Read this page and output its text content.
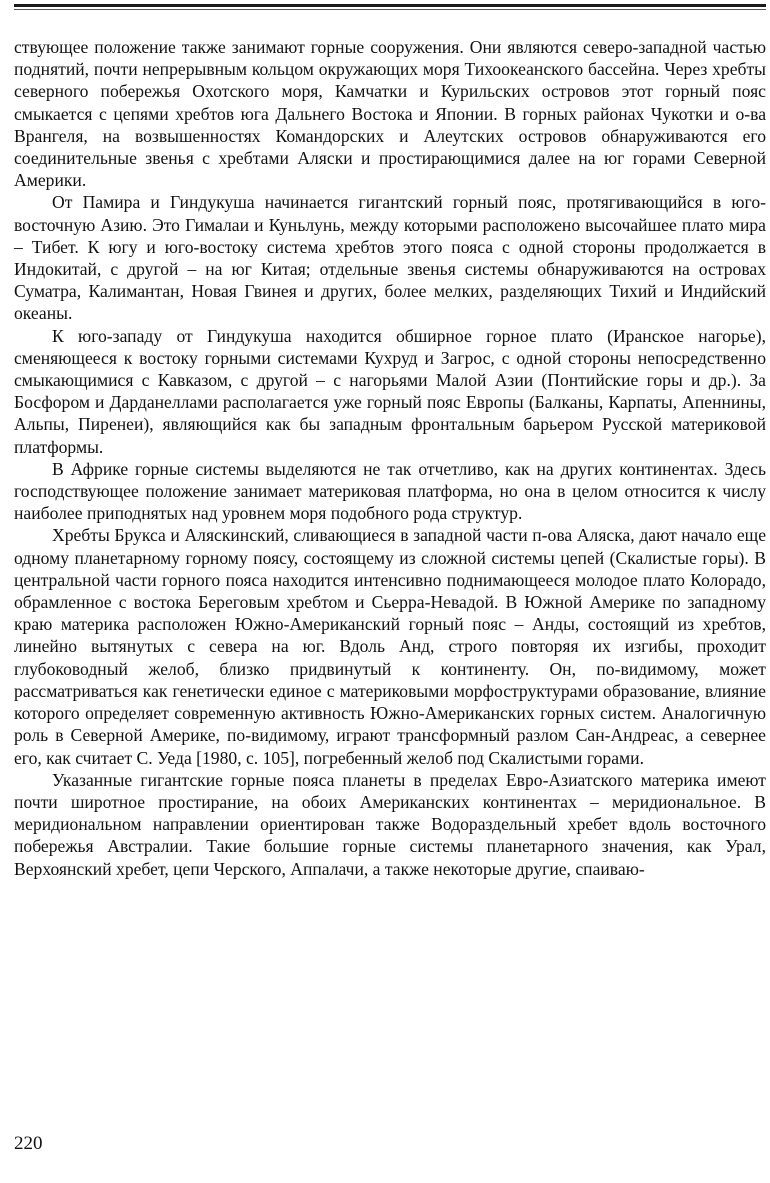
ствующее положение также занимают горные сооружения. Они являются северо-западной частью поднятий, почти непрерывным кольцом окружающих моря Тихоокеанского бассейна. Через хребты северного побережья Охотского моря, Камчатки и Курильских островов этот горный пояс смыкается с цепями хребтов юга Дальнего Востока и Японии. В горных районах Чукотки и о-ва Врангеля, на возвышенностях Командорских и Алеутских островов обнаруживаются его соединительные звенья с хребтами Аляски и простирающимися далее на юг горами Северной Америки.

От Памира и Гиндукуша начинается гигантский горный пояс, протягивающийся в юго-восточную Азию. Это Гималаи и Куньлунь, между которыми расположено высочайшее плато мира – Тибет. К югу и юго-востоку система хребтов этого пояса с одной стороны продолжается в Индокитай, с другой – на юг Китая; отдельные звенья системы обнаруживаются на островах Суматра, Калимантан, Новая Гвинея и других, более мелких, разделяющих Тихий и Индийский океаны.

К юго-западу от Гиндукуша находится обширное горное плато (Иранское нагорье), сменяющееся к востоку горными системами Кухруд и Загрос, с одной стороны непосредственно смыкающимися с Кавказом, с другой – с нагорьями Малой Азии (Понтийские горы и др.). За Босфором и Дарданеллами располагается уже горный пояс Европы (Балканы, Карпаты, Апеннины, Альпы, Пиренеи), являющийся как бы западным фронтальным барьером Русской материковой платформы.

В Африке горные системы выделяются не так отчетливо, как на других континентах. Здесь господствующее положение занимает материковая платформа, но она в целом относится к числу наиболее приподнятых над уровнем моря подобного рода структур.

Хребты Брукса и Аляскинский, сливающиеся в западной части п-ова Аляска, дают начало еще одному планетарному горному поясу, состоящему из сложной системы цепей (Скалистые горы). В центральной части горного пояса находится интенсивно поднимающееся молодое плато Колорадо, обрамленное с востока Береговым хребтом и Сьерра-Невадой. В Южной Америке по западному краю материка расположен Южно-Американский горный пояс – Анды, состоящий из хребтов, линейно вытянутых с севера на юг. Вдоль Анд, строго повторяя их изгибы, проходит глубоководный желоб, близко придвинутый к континенту. Он, по-видимому, может рассматриваться как генетически единое с материковыми морфоструктурами образование, влияние которого определяет современную активность Южно-Американских горных систем. Аналогичную роль в Северной Америке, по-видимому, играют трансформный разлом Сан-Андреас, а севернее его, как считает С. Уеда [1980, с. 105], погребенный желоб под Скалистыми горами.

Указанные гигантские горные пояса планеты в пределах Евро-Азиатского материка имеют почти широтное простирание, на обоих Американских континентах – меридиональное. В меридиональном направлении ориентирован также Водораздельный хребет вдоль восточного побережья Австралии. Такие большие горные системы планетарного значения, как Урал, Верхоянский хребет, цепи Черского, Аппалачи, а также некоторые другие, спаиваю-

220
